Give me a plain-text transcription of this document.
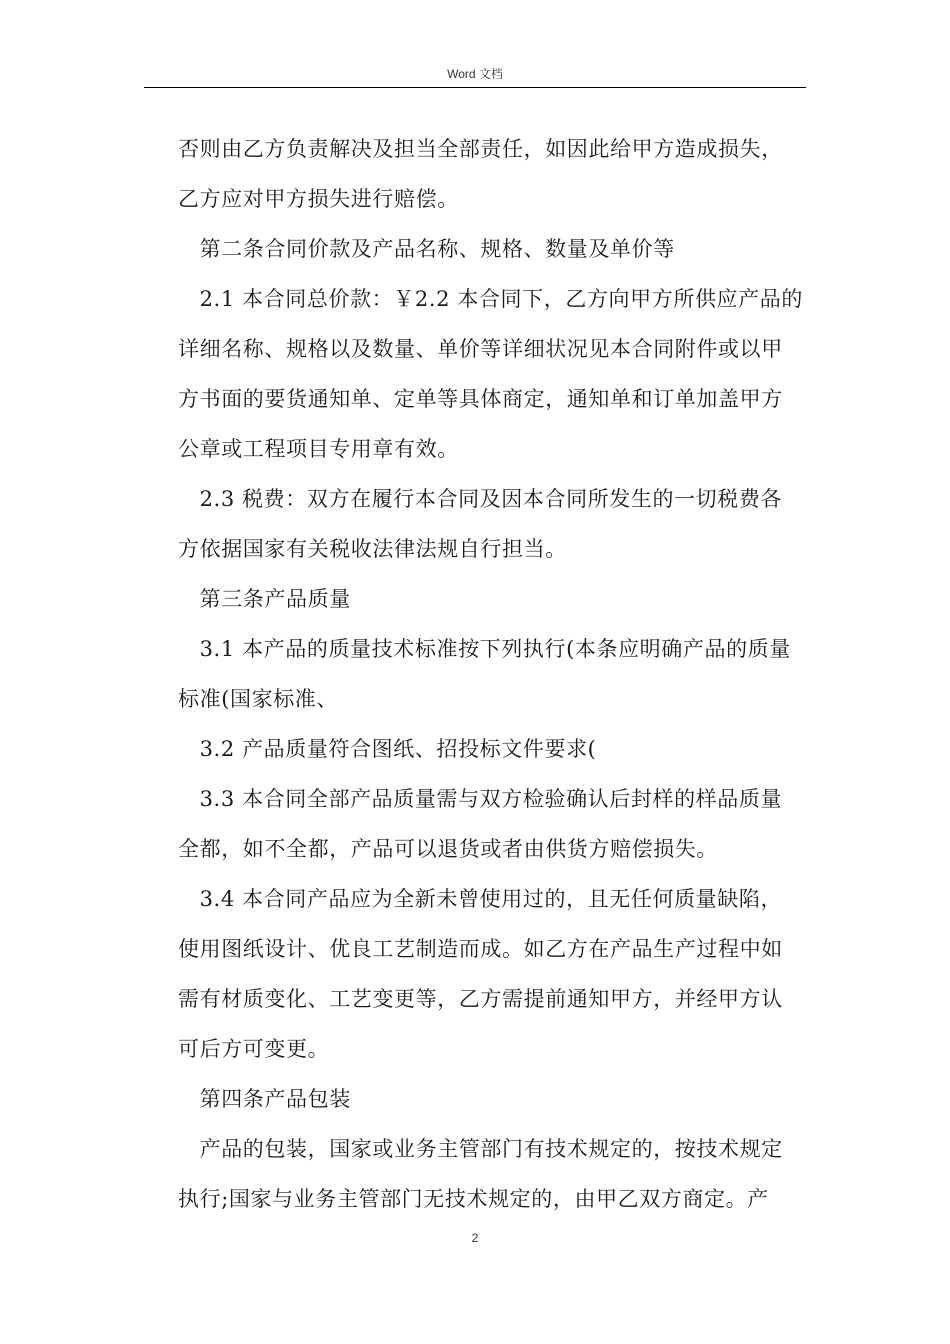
Word 文档

否则由乙方负责解决及担当全部责任，如因此给甲方造成损失，

乙方应对甲方损失进行赔偿。

　第二条合同价款及产品名称、规格、数量及单价等

　2.1 本合同总价款：￥2.2 本合同下，乙方向甲方所供应产品的

详细名称、规格以及数量、单价等详细状况见本合同附件或以甲

方书面的要货通知单、定单等具体商定，通知单和订单加盖甲方

公章或工程项目专用章有效。

　2.3 税费：双方在履行本合同及因本合同所发生的一切税费各

方依据国家有关税收法律法规自行担当。

　第三条产品质量

　3.1 本产品的质量技术标准按下列执行(本条应明确产品的质量

标准(国家标准、

　3.2 产品质量符合图纸、招投标文件要求(

　3.3 本合同全部产品质量需与双方检验确认后封样的样品质量

全都，如不全都，产品可以退货或者由供货方赔偿损失。

　3.4 本合同产品应为全新未曾使用过的，且无任何质量缺陷，

使用图纸设计、优良工艺制造而成。如乙方在产品生产过程中如

需有材质变化、工艺变更等，乙方需提前通知甲方，并经甲方认

可后方可变更。

　第四条产品包装

　产品的包装，国家或业务主管部门有技术规定的，按技术规定

执行;国家与业务主管部门无技术规定的，由甲乙双方商定。产

2
